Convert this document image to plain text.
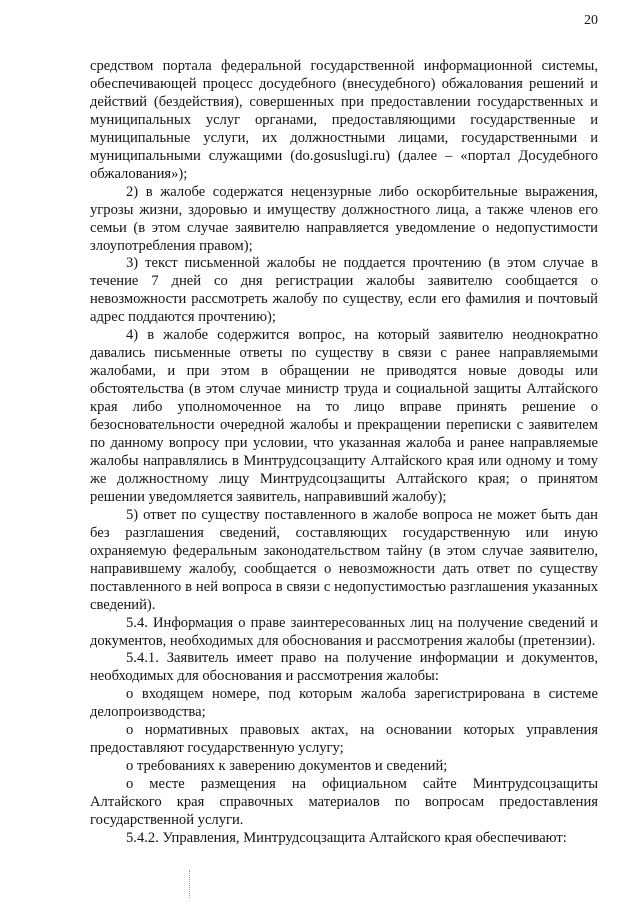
20

средством портала федеральной государственной информационной системы, обеспечивающей процесс досудебного (внесудебного) обжалования решений и действий (бездействия), совершенных при предоставлении государственных и муниципальных услуг органами, предоставляющими государственные и муниципальные услуги, их должностными лицами, государственными и муниципальными служащими (do.gosuslugi.ru) (далее – «портал Досудебного обжалования»);

2) в жалобе содержатся нецензурные либо оскорбительные выражения, угрозы жизни, здоровью и имуществу должностного лица, а также членов его семьи (в этом случае заявителю направляется уведомление о недопустимости злоупотребления правом);

3) текст письменной жалобы не поддается прочтению (в этом случае в течение 7 дней со дня регистрации жалобы заявителю сообщается о невозможности рассмотреть жалобу по существу, если его фамилия и почтовый адрес поддаются прочтению);

4) в жалобе содержится вопрос, на который заявителю неоднократно давались письменные ответы по существу в связи с ранее направляемыми жалобами, и при этом в обращении не приводятся новые доводы или обстоятельства (в этом случае министр труда и социальной защиты Алтайского края либо уполномоченное на то лицо вправе принять решение о безосновательности очередной жалобы и прекращении переписки с заявителем по данному вопросу при условии, что указанная жалоба и ранее направляемые жалобы направлялись в Минтрудсоцзащиту Алтайского края или одному и тому же должностному лицу Минтрудсоцзащиты Алтайского края; о принятом решении уведомляется заявитель, направивший жалобу);

5) ответ по существу поставленного в жалобе вопроса не может быть дан без разглашения сведений, составляющих государственную или иную охраняемую федеральным законодательством тайну (в этом случае заявителю, направившему жалобу, сообщается о невозможности дать ответ по существу поставленного в ней вопроса в связи с недопустимостью разглашения указанных сведений).

5.4. Информация о праве заинтересованных лиц на получение сведений и документов, необходимых для обоснования и рассмотрения жалобы (претензии).

5.4.1. Заявитель имеет право на получение информации и документов, необходимых для обоснования и рассмотрения жалобы:

о входящем номере, под которым жалоба зарегистрирована в системе делопроизводства;

о нормативных правовых актах, на основании которых управления предоставляют государственную услугу;

о требованиях к заверению документов и сведений;

о месте размещения на официальном сайте Минтрудсоцзащиты Алтайского края справочных материалов по вопросам предоставления государственной услуги.

5.4.2. Управления, Минтрудсоцзащита Алтайского края обеспечивают:
